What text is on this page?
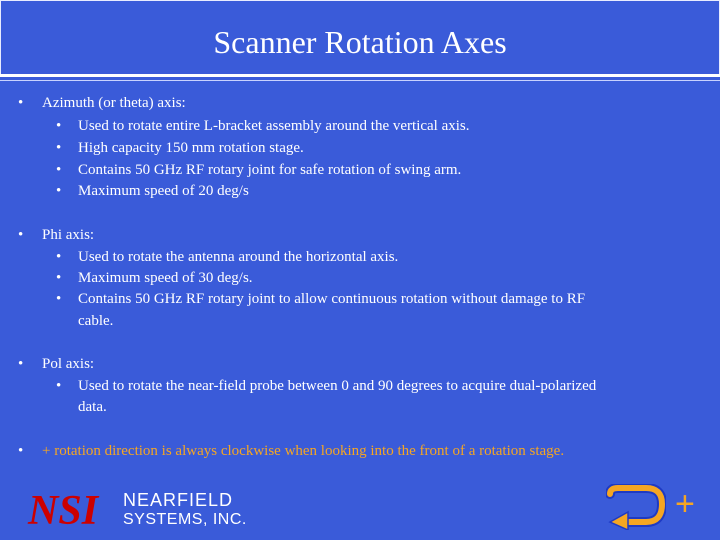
Scanner Rotation Axes
• Azimuth (or theta) axis:
• Used to rotate entire L-bracket assembly around the vertical axis.
• High capacity 150 mm rotation stage.
• Contains 50 GHz RF rotary joint for safe rotation of swing arm.
• Maximum speed of 20 deg/s
• Phi axis:
• Used to rotate the antenna around the horizontal axis.
• Maximum speed of 30 deg/s.
• Contains 50 GHz RF rotary joint to allow continuous rotation without damage to RF
cable.
• Pol axis:
• Used to rotate the near-field probe between 0 and 90 degrees to acquire dual-polarized
data.
• + rotation direction is always clockwise when looking into the front of a rotation stage.
NSI NEARFIELD
SYSTEMS, INC.	+
